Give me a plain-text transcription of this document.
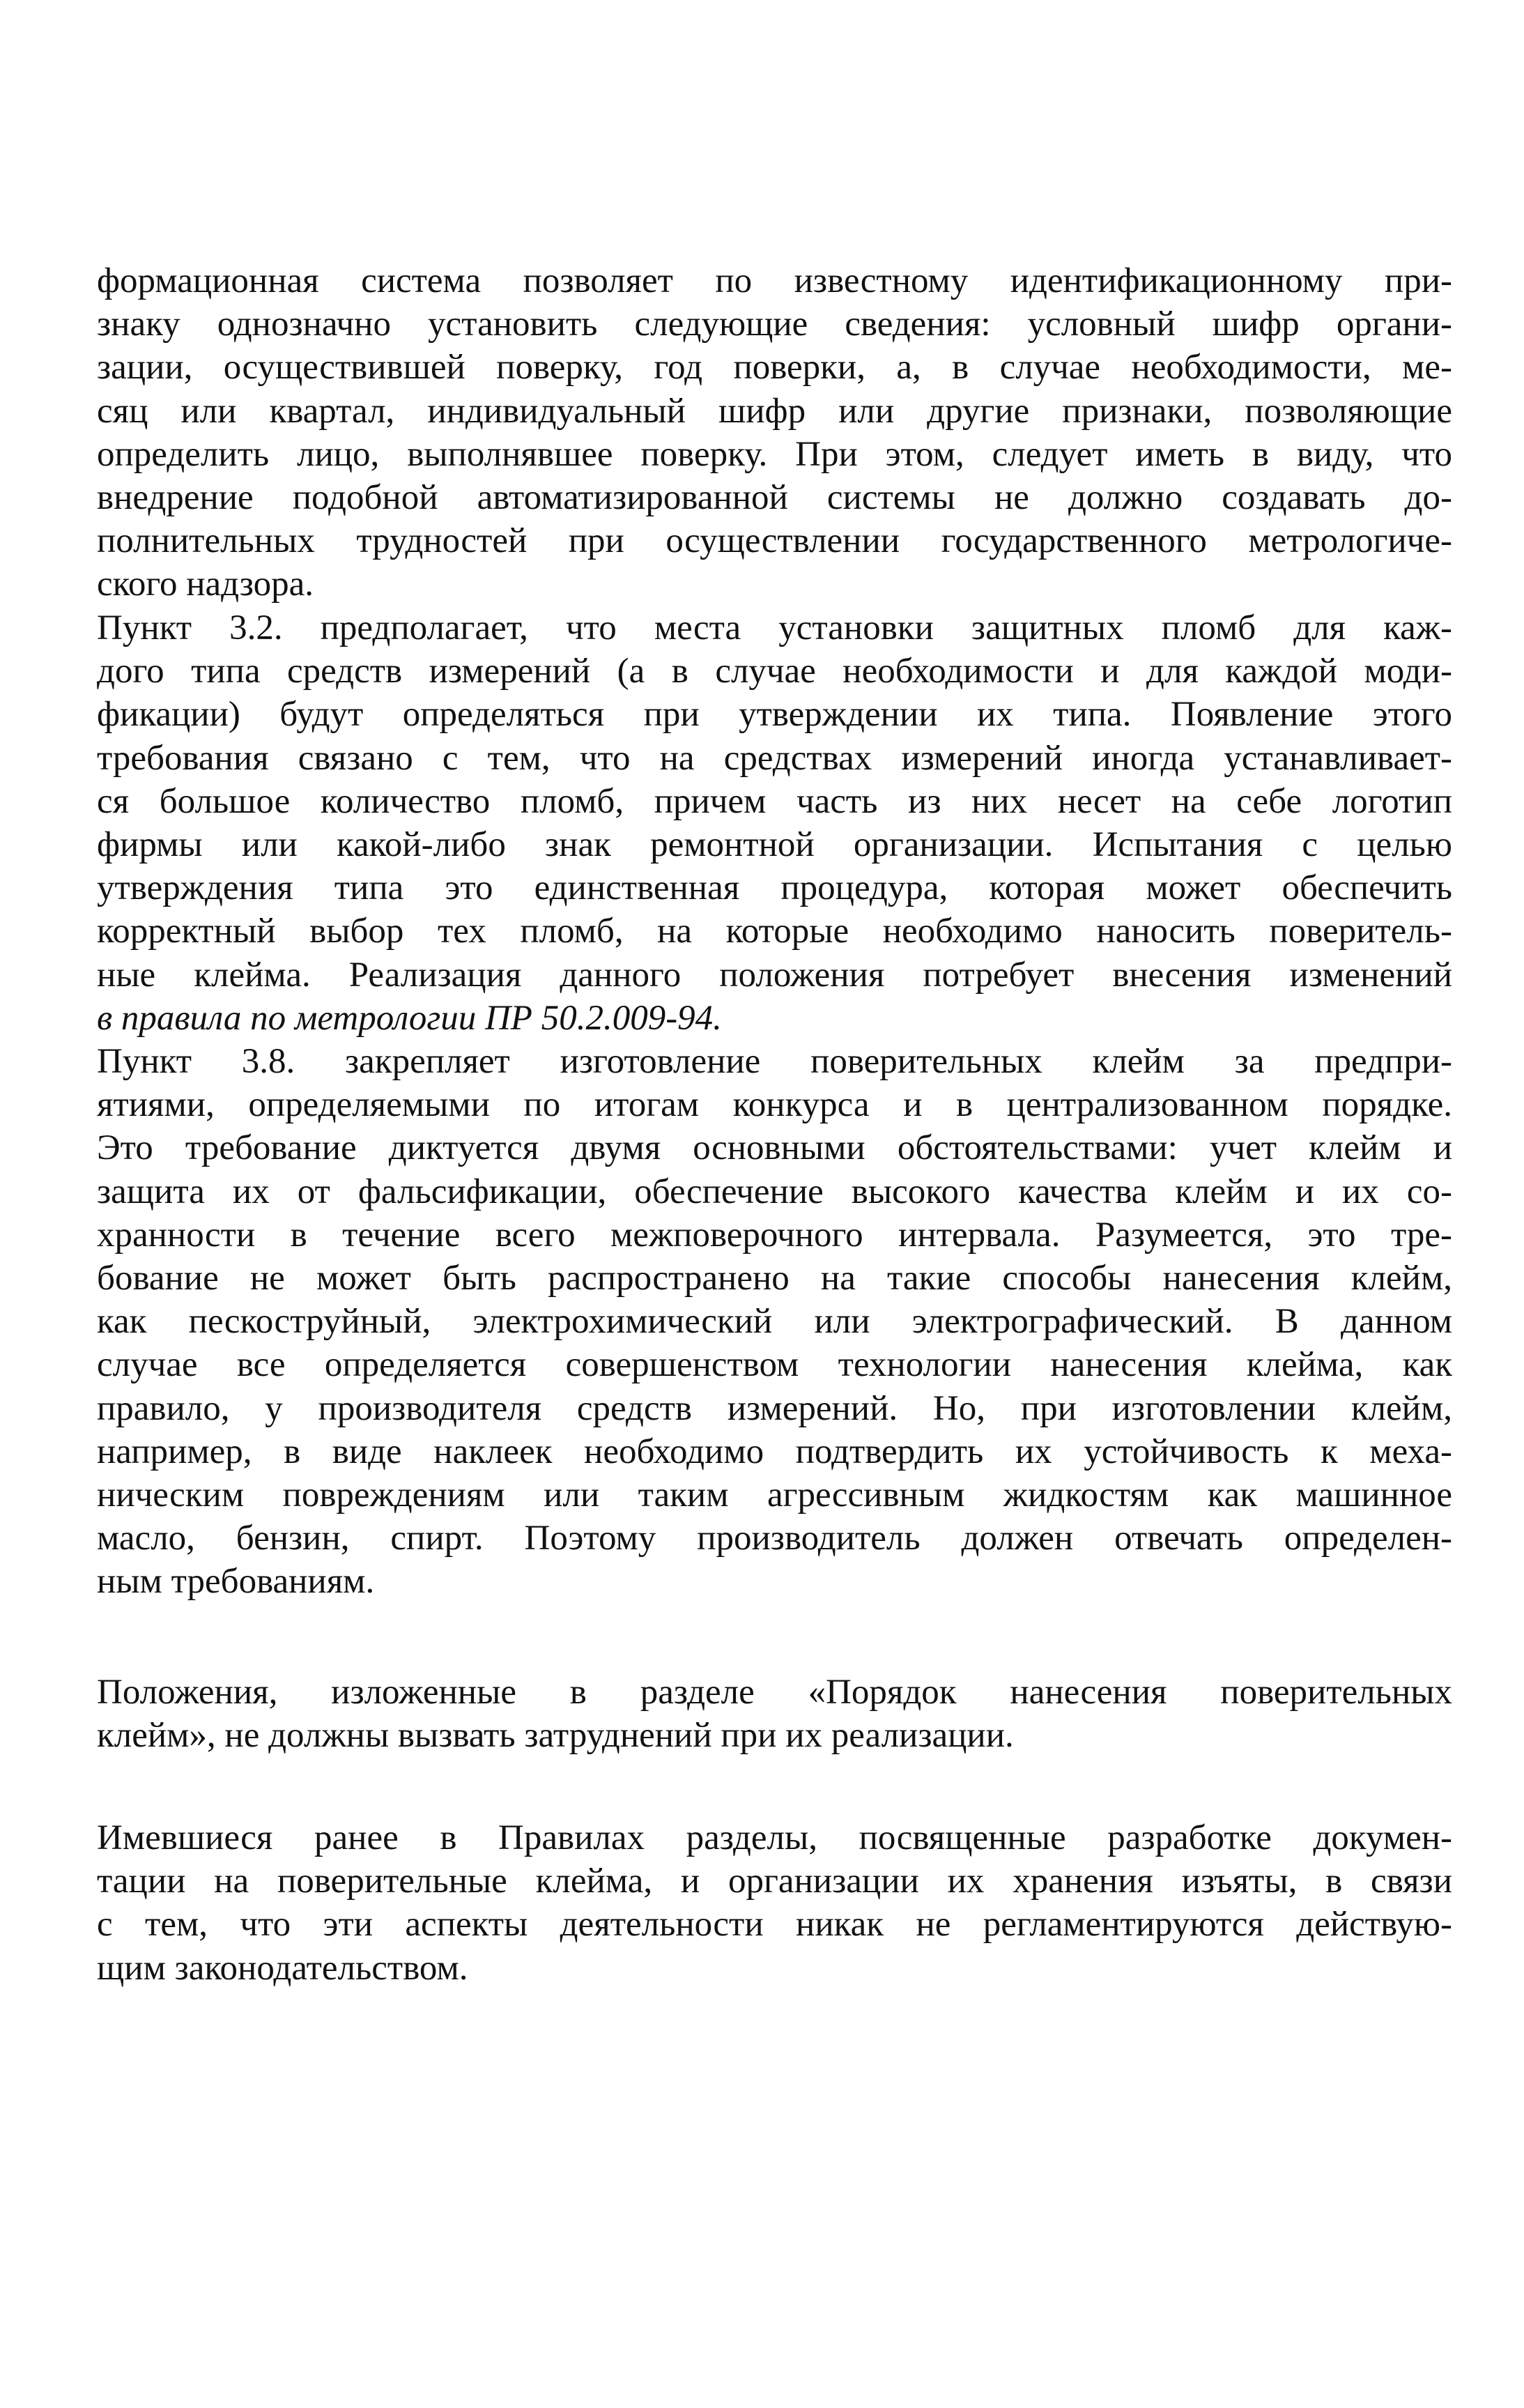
формационная система позволяет по известному идентификационному при-
знаку однозначно установить следующие сведения: условный шифр органи-
зации, осуществившей поверку, год поверки, а, в случае необходимости, ме-
сяц или квартал, индивидуальный шифр или другие признаки, позволяющие
определить лицо, выполнявшее поверку. При этом, следует иметь в виду, что
внедрение подобной автоматизированной системы не должно создавать до-
полнительных трудностей при осуществлении государственного метрологиче-
ского надзора.
Пункт 3.2. предполагает, что места установки защитных пломб для каж-
дого типа средств измерений (а в случае необходимости и для каждой моди-
фикации) будут определяться при утверждении их типа. Появление этого
требования связано с тем, что на средствах измерений иногда устанавливает-
ся большое количество пломб, причем часть из них несет на себе логотип
фирмы или какой-либо знак ремонтной организации. Испытания с целью
утверждения типа это единственная процедура, которая может обеспечить
корректный выбор тех пломб, на которые необходимо наносить поверитель-
ные клейма. Реализация данного положения потребует внесения изменений
в правила по метрологии ПР 50.2.009-94.
Пункт 3.8. закрепляет изготовление поверительных клейм за предпри-
ятиями, определяемыми по итогам конкурса и в централизованном порядке.
Это требование диктуется двумя основными обстоятельствами: учет клейм и
защита их от фальсификации, обеспечение высокого качества клейм и их со-
хранности в течение всего межповерочного интервала. Разумеется, это тре-
бование не может быть распространено на такие способы нанесения клейм,
как пескоструйный, электрохимический или электрографический. В данном
случае все определяется совершенством технологии нанесения клейма, как
правило, у производителя средств измерений. Но, при изготовлении клейм,
например, в виде наклеек необходимо подтвердить их устойчивость к меха-
ническим повреждениям или таким агрессивным жидкостям как машинное
масло, бензин, спирт. Поэтому производитель должен отвечать определен-
ным требованиям.
Положения, изложенные в разделе «Порядок нанесения поверительных
клейм», не должны вызвать затруднений при их реализации.
Имевшиеся ранее в Правилах разделы, посвященные разработке докумен-
тации на поверительные клейма, и организации их хранения изъяты, в связи
с тем, что эти аспекты деятельности никак не регламентируются действую-
щим законодательством.
